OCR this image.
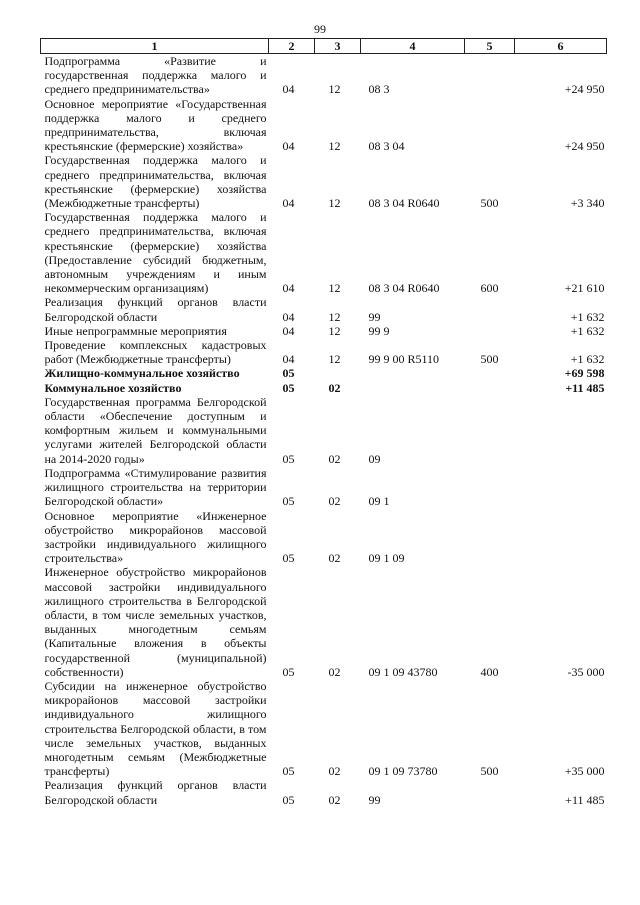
99
1	2	3	4	5	6
Подпрограмма «Развитие и государственная поддержка малого и среднего предпринимательства»	04	12	08 3		+24 950
Основное мероприятие «Государственная поддержка малого и среднего предпринимательства, включая крестьянские (фермерские) хозяйства»	04	12	08 3 04		+24 950
Государственная поддержка малого и среднего предпринимательства, включая крестьянские (фермерские) хозяйства (Межбюджетные трансферты)	04	12	08 3 04 R0640	500	+3 340
Государственная поддержка малого и среднего предпринимательства, включая крестьянские (фермерские) хозяйства (Предоставление субсидий бюджетным, автономным учреждениям и иным некоммерческим организациям)	04	12	08 3 04 R0640	600	+21 610
Реализация функций органов власти Белгородской области	04	12	99		+1 632
Иные непрограммные мероприятия	04	12	99 9		+1 632
Проведение комплексных кадастровых работ (Межбюджетные трансферты)	04	12	99 9 00 R5110	500	+1 632
Жилищно-коммунальное хозяйство	05				+69 598
Коммунальное хозяйство	05	02			+11 485
Государственная программа Белгородской области «Обеспечение доступным и комфортным жильем и коммунальными услугами жителей Белгородской области на 2014-2020 годы»	05	02	09		
Подпрограмма «Стимулирование развития жилищного строительства на территории Белгородской области»	05	02	09 1		
Основное мероприятие «Инженерное обустройство микрорайонов массовой застройки индивидуального жилищного строительства»	05	02	09 1 09		
Инженерное обустройство микрорайонов массовой застройки индивидуального жилищного строительства в Белгородской области, в том числе земельных участков, выданных многодетным семьям (Капитальные вложения в объекты государственной (муниципальной) собственности)	05	02	09 1 09 43780	400	-35 000
Субсидии на инженерное обустройство микрорайонов массовой застройки индивидуального жилищного строительства Белгородской области, в том числе земельных участков, выданных многодетным семьям (Межбюджетные трансферты)	05	02	09 1 09 73780	500	+35 000
Реализация функций органов власти Белгородской области	05	02	99		+11 485
